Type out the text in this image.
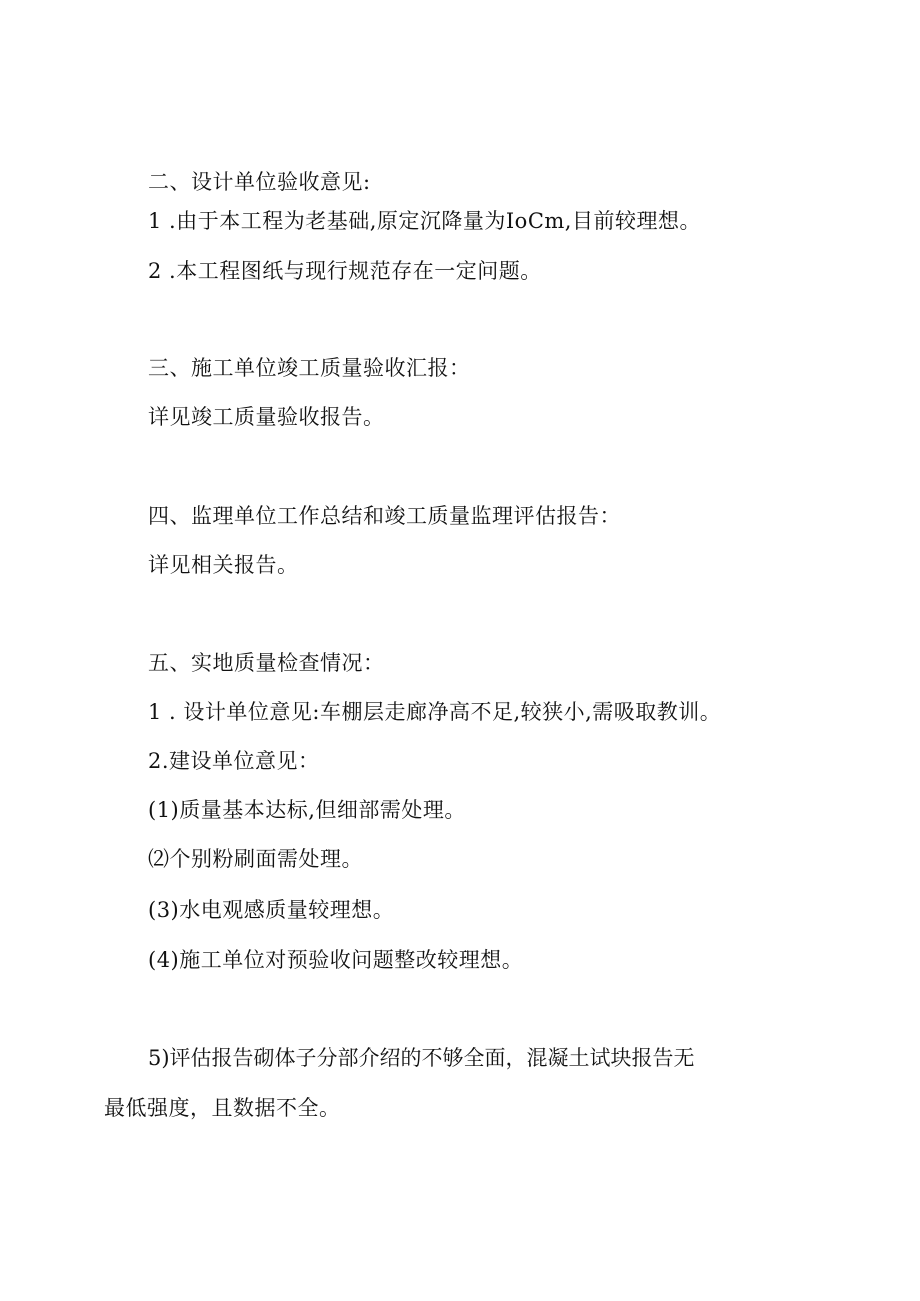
二、设计单位验收意见:
1 .由于本工程为老基础,原定沉降量为IoCm,目前较理想。
2 .本工程图纸与现行规范存在一定问题。
三、施工单位竣工质量验收汇报：
详见竣工质量验收报告。
四、监理单位工作总结和竣工质量监理评估报告：
详见相关报告。
五、实地质量检查情况：
1 . 设计单位意见:车棚层走廊净高不足,较狭小,需吸取教训。
2.建设单位意见：
(1)质量基本达标,但细部需处理。
⑵个别粉刷面需处理。
(3)水电观感质量较理想。
(4)施工单位对预验收问题整改较理想。
5)评估报告砌体子分部介绍的不够全面，混凝土试块报告无
最低强度，且数据不全。
